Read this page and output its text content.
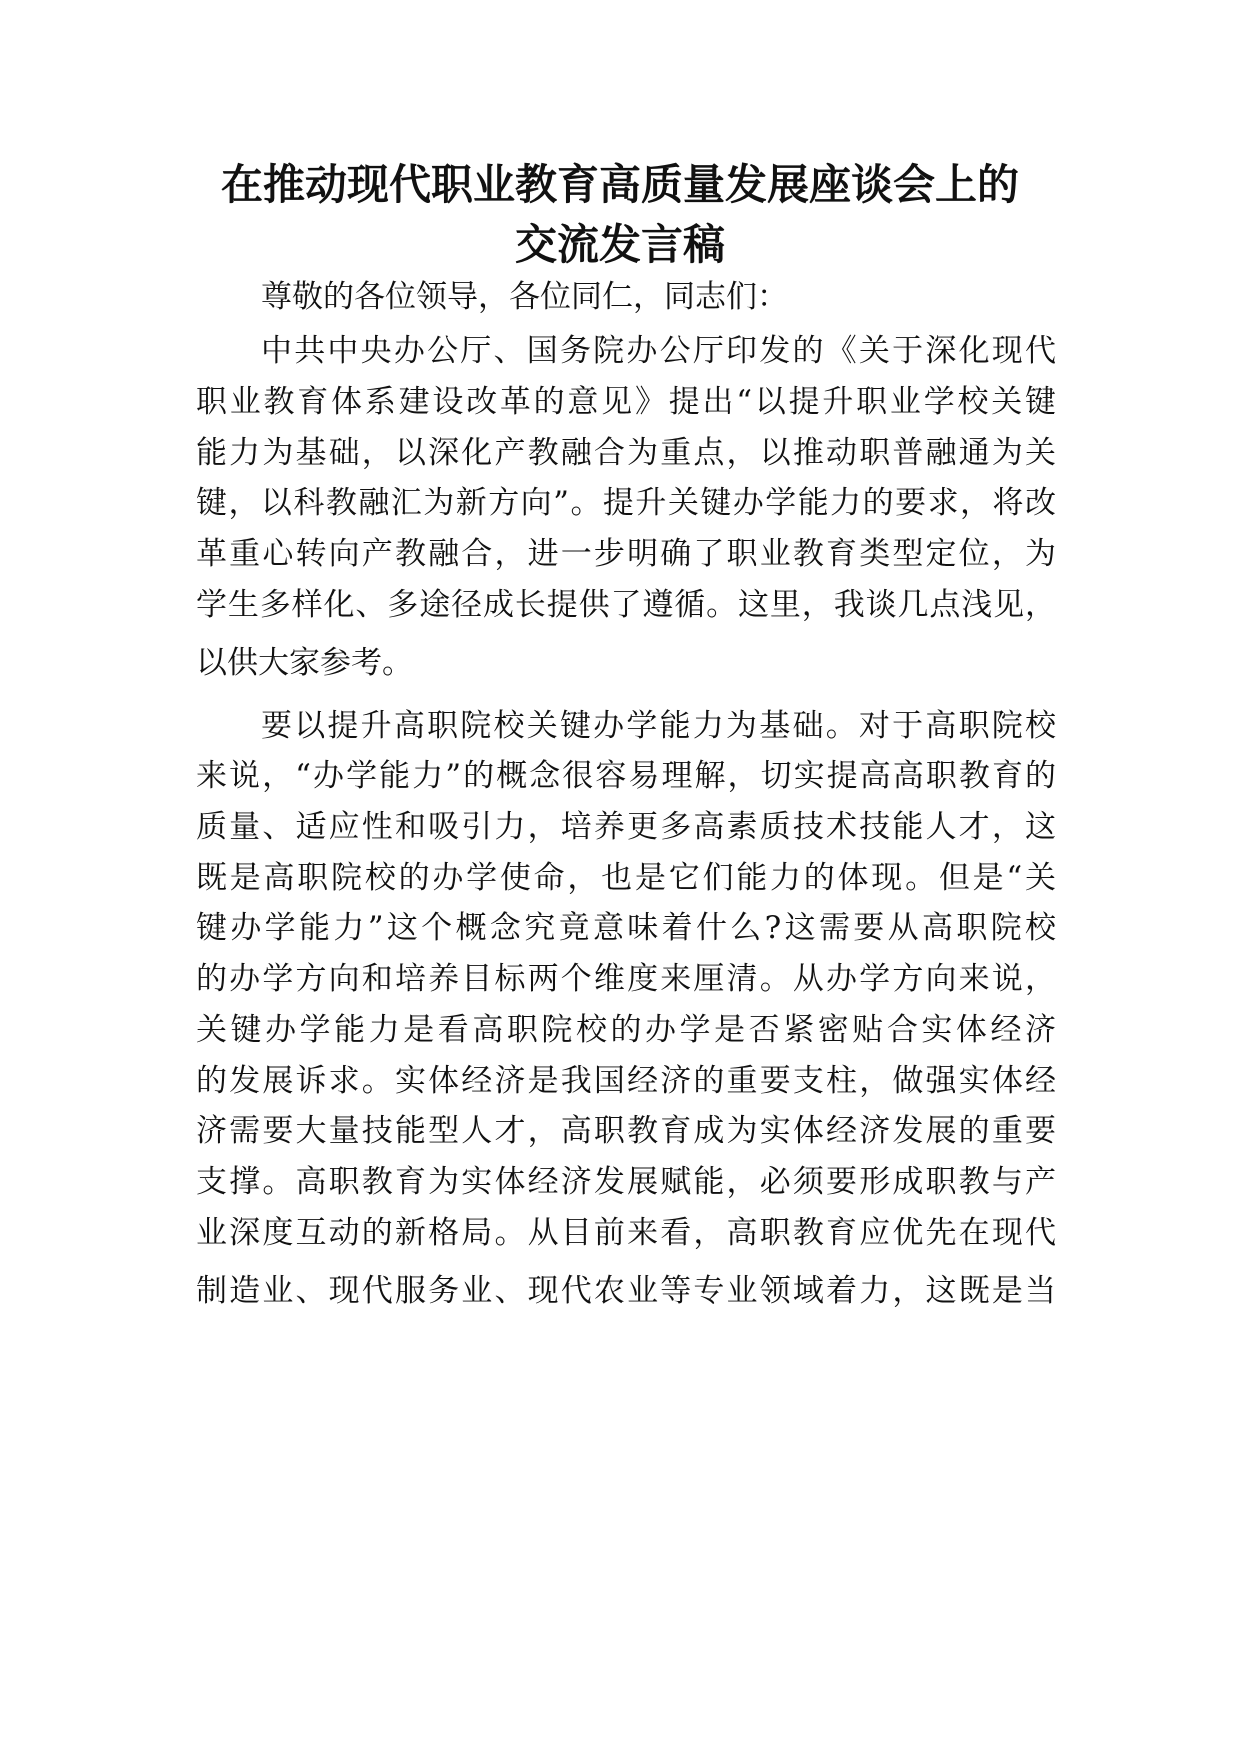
在推动现代职业教育高质量发展座谈会上的
交流发言稿
尊敬的各位领导，各位同仁，同志们：
中共中央办公厅、国务院办公厅印发的《关于深化现代
职业教育体系建设改革的意见》提出“以提升职业学校关键
能力为基础，以深化产教融合为重点，以推动职普融通为关
键，以科教融汇为新方向”。提升关键办学能力的要求，将改
革重心转向产教融合，进一步明确了职业教育类型定位，为
学生多样化、多途径成长提供了遵循。这里，我谈几点浅见，
以供大家参考。
要以提升高职院校关键办学能力为基础。对于高职院校
来说，“办学能力”的概念很容易理解，切实提高高职教育的
质量、适应性和吸引力，培养更多高素质技术技能人才，这
既是高职院校的办学使命，也是它们能力的体现。但是“关
键办学能力”这个概念究竟意味着什么?这需要从高职院校
的办学方向和培养目标两个维度来厘清。从办学方向来说，
关键办学能力是看高职院校的办学是否紧密贴合实体经济
的发展诉求。实体经济是我国经济的重要支柱，做强实体经
济需要大量技能型人才，高职教育成为实体经济发展的重要
支撑。高职教育为实体经济发展赋能，必须要形成职教与产
业深度互动的新格局。从目前来看，高职教育应优先在现代
制造业、现代服务业、现代农业等专业领域着力，这既是当
